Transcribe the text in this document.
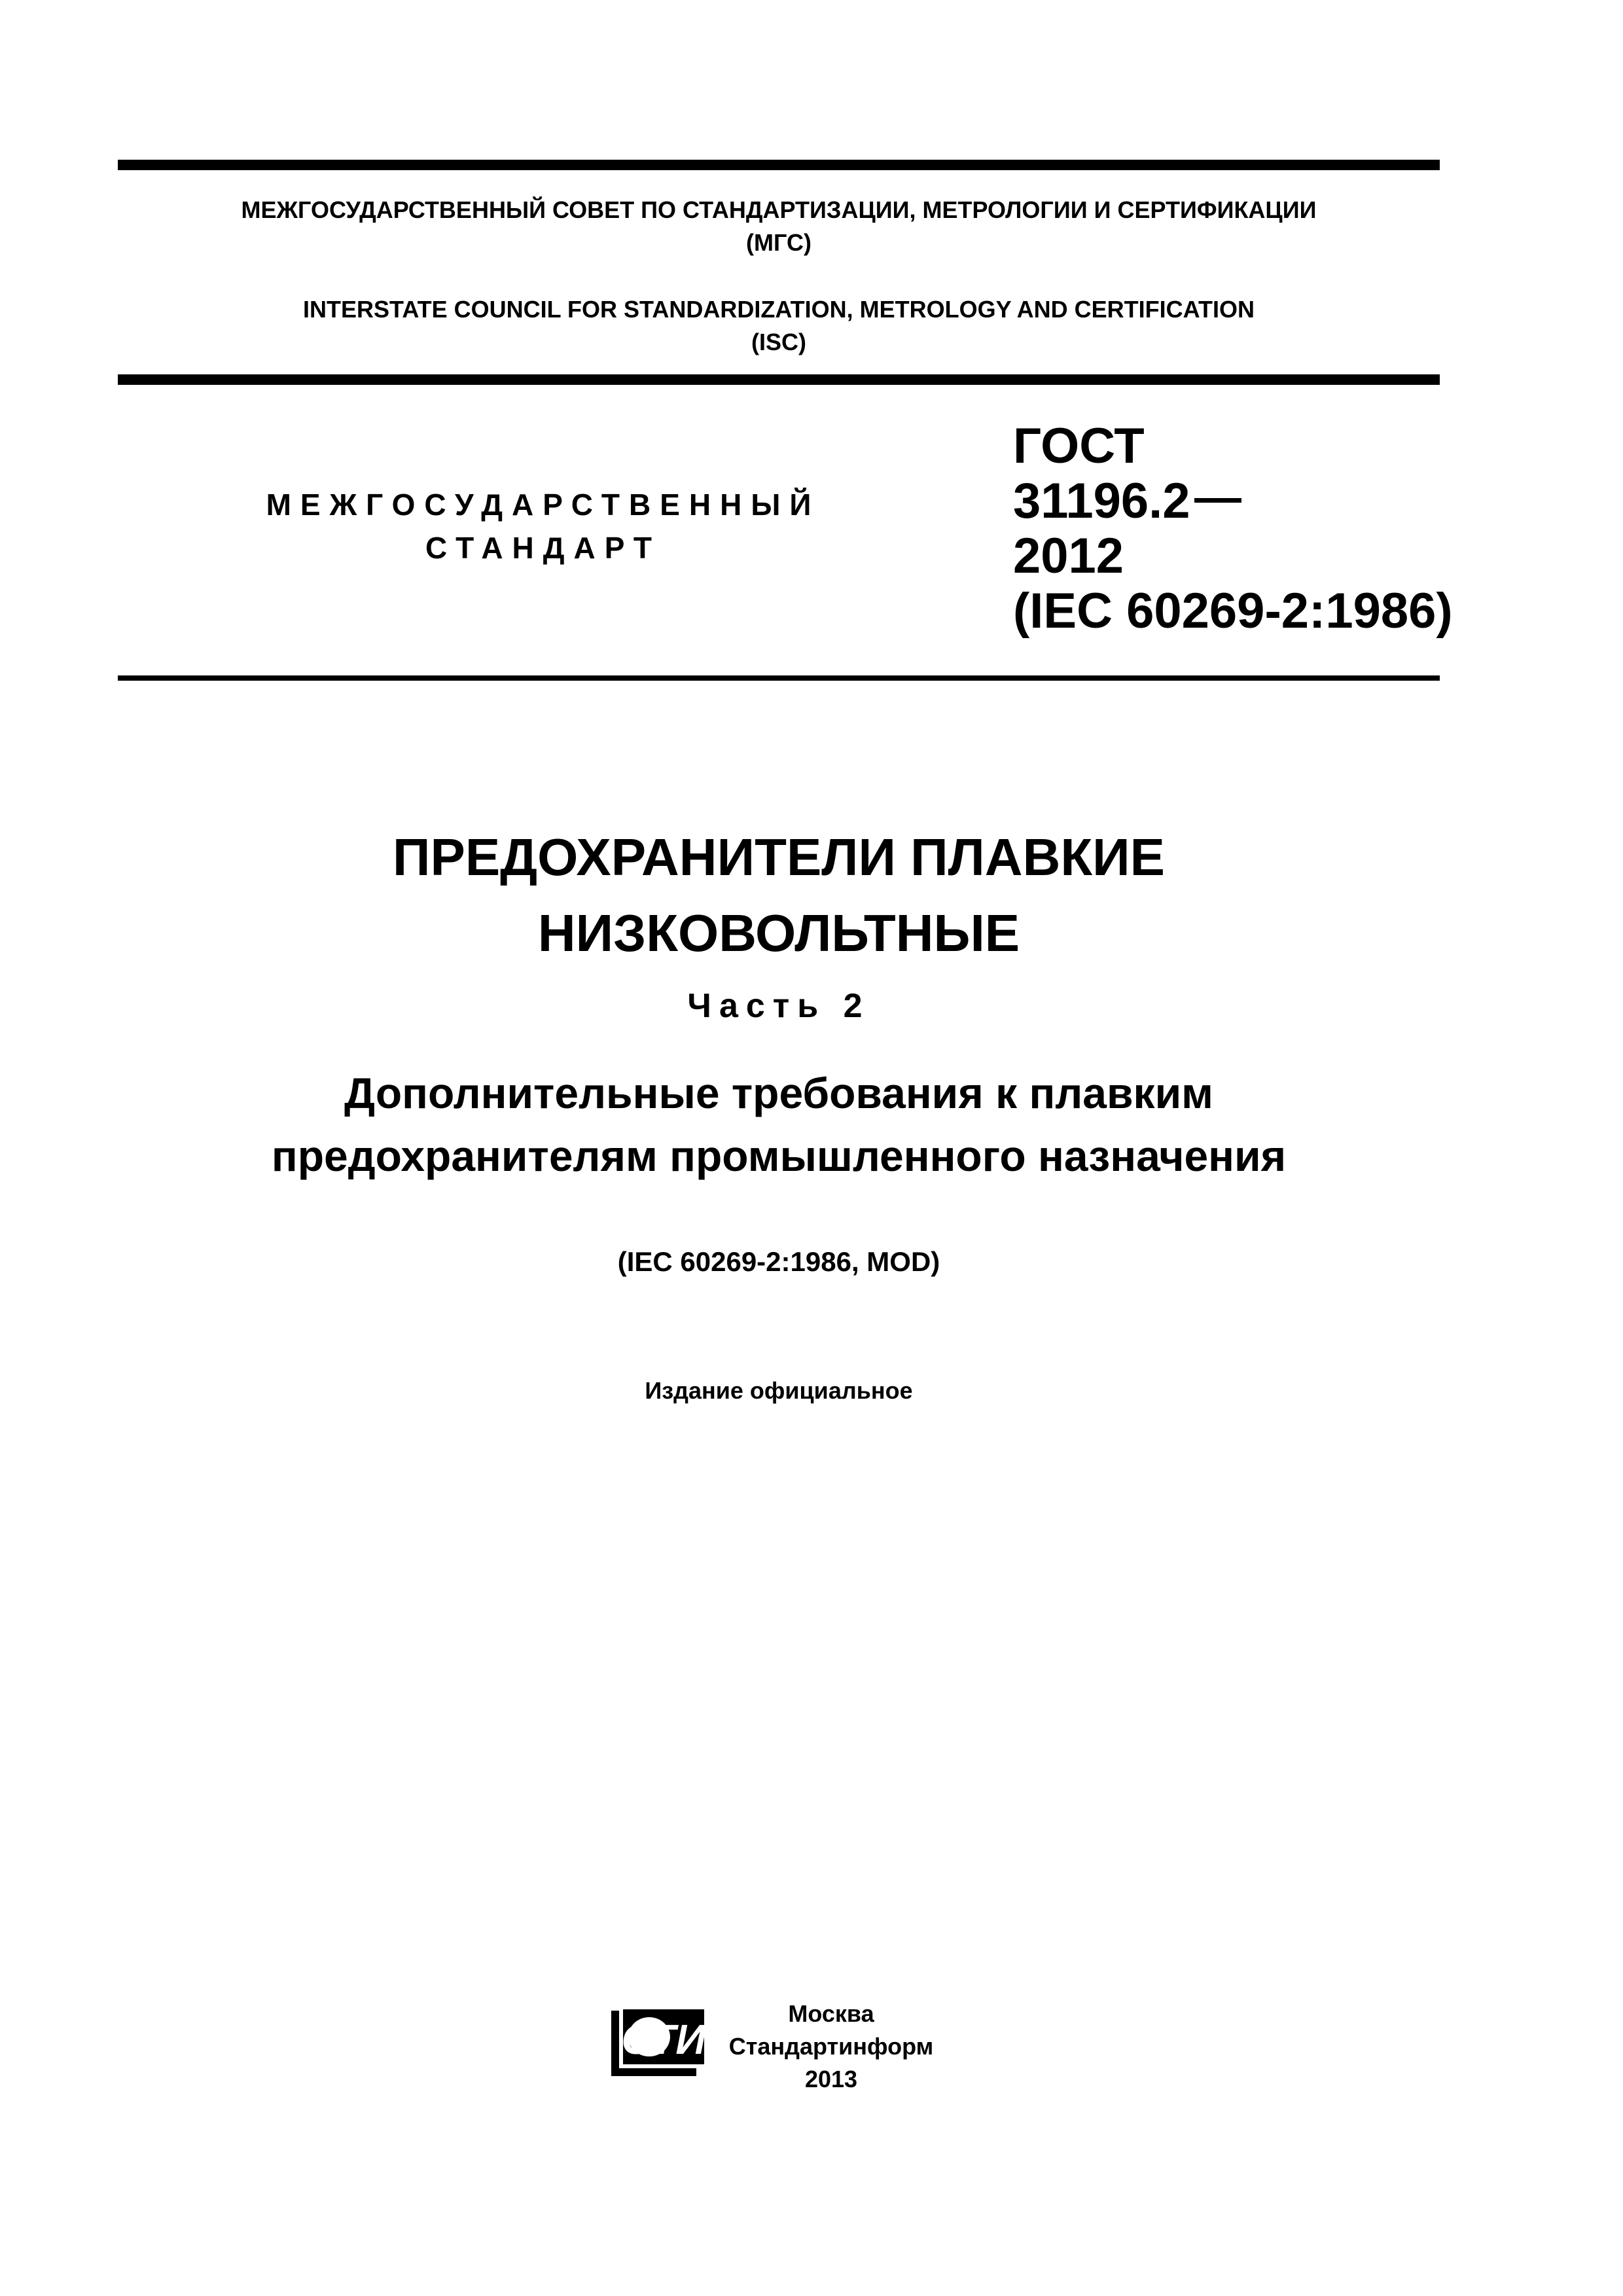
МЕЖГОСУДАРСТВЕННЫЙ СОВЕТ ПО СТАНДАРТИЗАЦИИ, МЕТРОЛОГИИ И СЕРТИФИКАЦИИ
(МГС)
INTERSTATE COUNCIL FOR STANDARDIZATION, METROLOGY AND CERTIFICATION
(ISC)
МЕЖГОСУДАРСТВЕННЫЙ
СТАНДАРТ
ГОСТ
31196.2
2012
(IEC 60269-2:1986)
ПРЕДОХРАНИТЕЛИ ПЛАВКИЕ
НИЗКОВОЛЬТНЫЕ
Часть 2
Дополнительные требования к плавким
предохранителям промышленного назначения
(IEC 60269-2:1986, MOD)
Издание официальное
СТИ
Москва
Стандартинформ
2013
